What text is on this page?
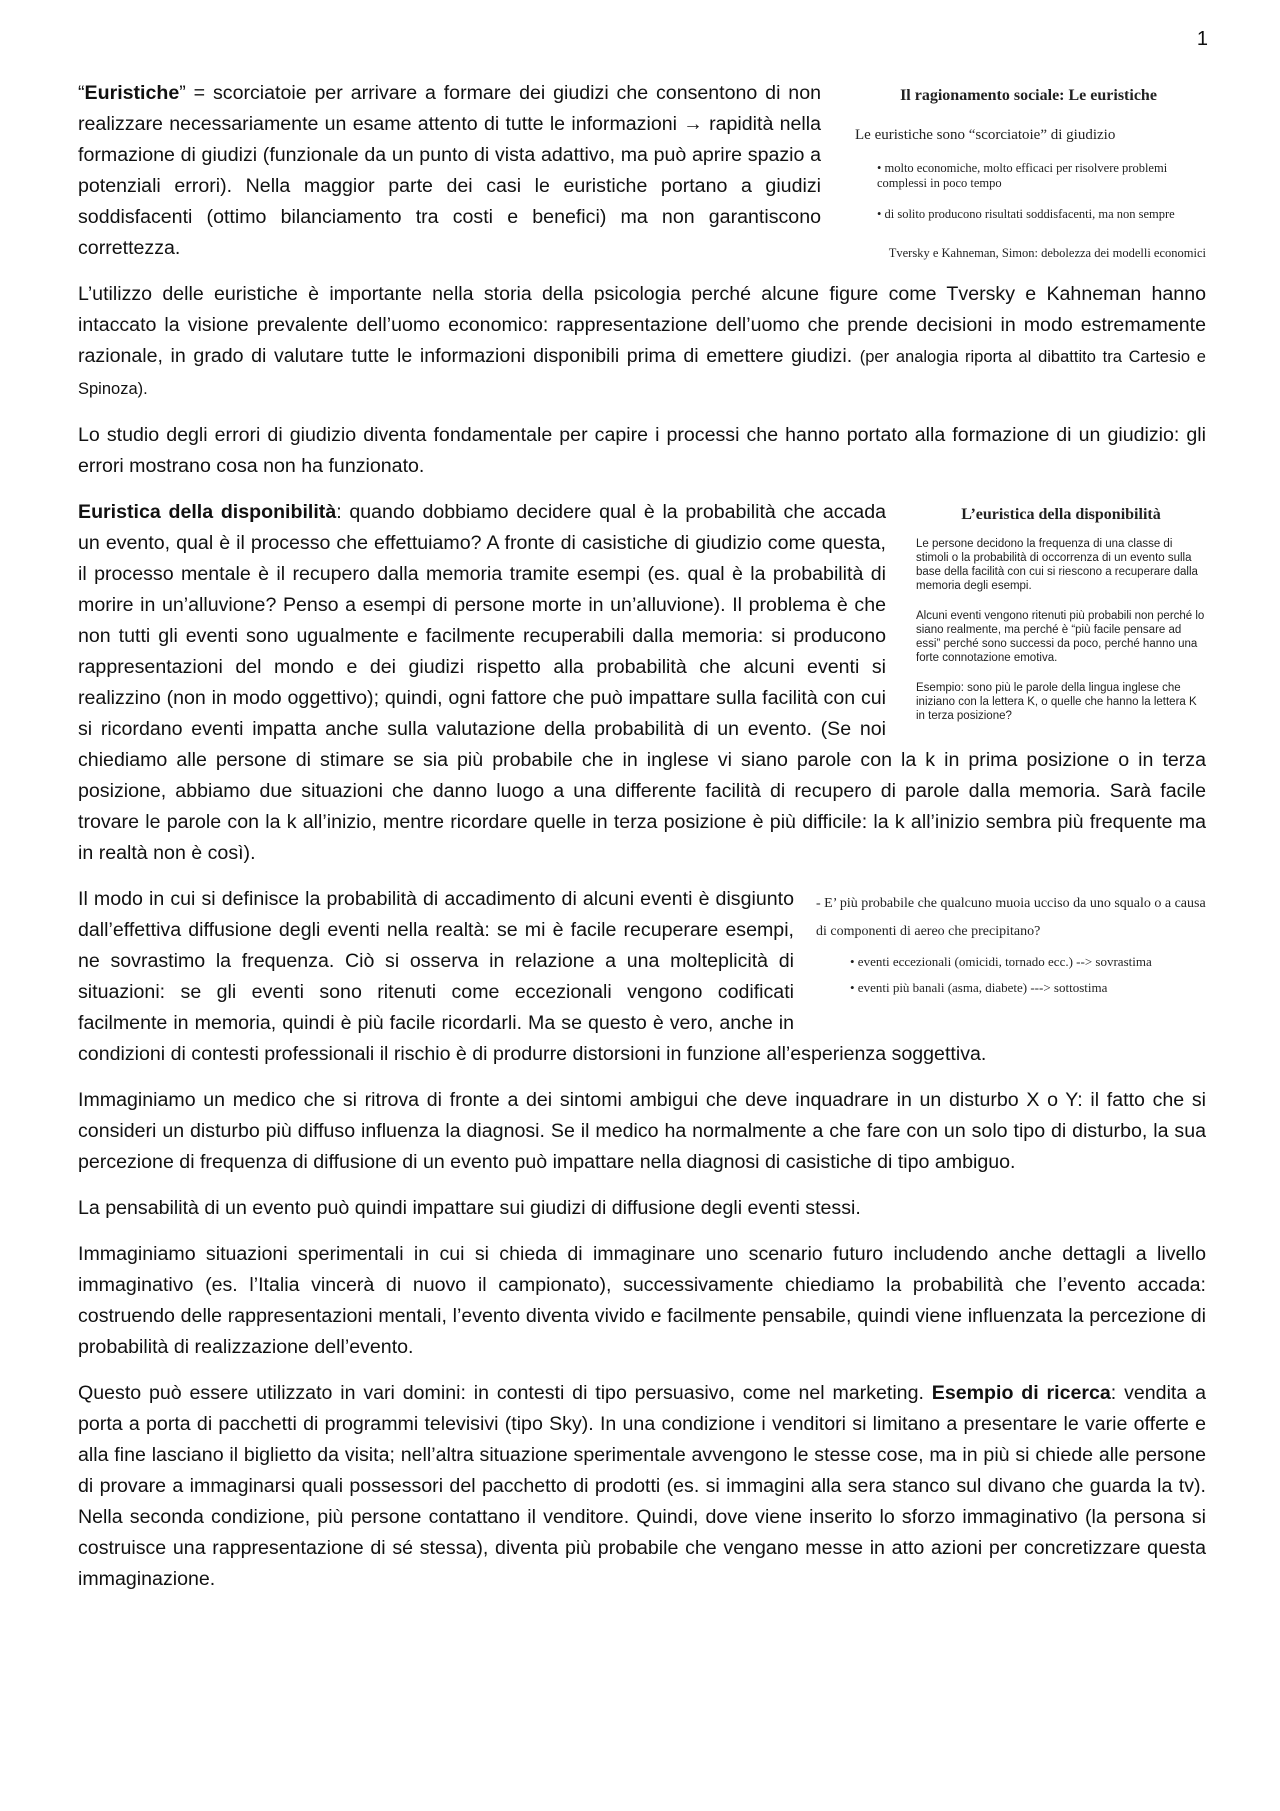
1
Il ragionamento sociale: Le euristiche
Le euristiche sono “scorciatoie” di giudizio
• molto economiche, molto efficaci per risolvere problemi complessi in poco tempo
• di solito producono risultati soddisfacenti, ma non sempre
Tversky e Kahneman, Simon: debolezza dei modelli economici

“Euristiche” = scorciatoie per arrivare a formare dei giudizi che consentono di non realizzare necessariamente un esame attento di tutte le informazioni → rapidità nella formazione di giudizi (funzionale da un punto di vista adattivo, ma può aprire spazio a potenziali errori). Nella maggior parte dei casi le euristiche portano a giudizi soddisfacenti (ottimo bilanciamento tra costi e benefici) ma non garantiscono correttezza.

L’utilizzo delle euristiche è importante nella storia della psicologia perché alcune figure come Tversky e Kahneman hanno intaccato la visione prevalente dell’uomo economico: rappresentazione dell’uomo che prende decisioni in modo estremamente razionale, in grado di valutare tutte le informazioni disponibili prima di emettere giudizi. (per analogia riporta al dibattito tra Cartesio e Spinoza).

Lo studio degli errori di giudizio diventa fondamentale per capire i processi che hanno portato alla formazione di un giudizio: gli errori mostrano cosa non ha funzionato.

L’euristica della disponibilità
Le persone decidono la frequenza di una classe di stimoli o la probabilità di occorrenza di un evento sulla base della facilità con cui si riescono a recuperare dalla memoria degli esempi.
Alcuni eventi vengono ritenuti più probabili non perché lo siano realmente, ma perché è “più facile pensare ad essi” perché sono successi da poco, perché hanno una forte connotazione emotiva.
Esempio: sono più le parole della lingua inglese che iniziano con la lettera K, o quelle che hanno la lettera K in terza posizione?

Euristica della disponibilità: quando dobbiamo decidere qual è la probabilità che accada un evento, qual è il processo che effettuiamo? A fronte di casistiche di giudizio come questa, il processo mentale è il recupero dalla memoria tramite esempi (es. qual è la probabilità di morire in un’alluvione? Penso a esempi di persone morte in un’alluvione). Il problema è che non tutti gli eventi sono ugualmente e facilmente recuperabili dalla memoria: si producono rappresentazioni del mondo e dei giudizi rispetto alla probabilità che alcuni eventi si realizzino (non in modo oggettivo); quindi, ogni fattore che può impattare sulla facilità con cui si ricordano eventi impatta anche sulla valutazione della probabilità di un evento. (Se noi chiediamo alle persone di stimare se sia più probabile che in inglese vi siano parole con la k in prima posizione o in terza posizione, abbiamo due situazioni che danno luogo a una differente facilità di recupero di parole dalla memoria. Sarà facile trovare le parole con la k all’inizio, mentre ricordare quelle in terza posizione è più difficile: la k all’inizio sembra più frequente ma in realtà non è così).

- E’ più probabile che qualcuno muoia ucciso da uno squalo o a causa di componenti di aereo che precipitano?
• eventi eccezionali (omicidi, tornado ecc.) --> sovrastima
• eventi più banali (asma, diabete) ---> sottostima

Il modo in cui si definisce la probabilità di accadimento di alcuni eventi è disgiunto dall’effettiva diffusione degli eventi nella realtà: se mi è facile recuperare esempi, ne sovrastimo la frequenza. Ciò si osserva in relazione a una molteplicità di situazioni: se gli eventi sono ritenuti come eccezionali vengono codificati facilmente in memoria, quindi è più facile ricordarli. Ma se questo è vero, anche in condizioni di contesti professionali il rischio è di produrre distorsioni in funzione all’esperienza soggettiva.

Immaginiamo un medico che si ritrova di fronte a dei sintomi ambigui che deve inquadrare in un disturbo X o Y: il fatto che si consideri un disturbo più diffuso influenza la diagnosi. Se il medico ha normalmente a che fare con un solo tipo di disturbo, la sua percezione di frequenza di diffusione di un evento può impattare nella diagnosi di casistiche di tipo ambiguo.

La pensabilità di un evento può quindi impattare sui giudizi di diffusione degli eventi stessi.

Immaginiamo situazioni sperimentali in cui si chieda di immaginare uno scenario futuro includendo anche dettagli a livello immaginativo (es. l’Italia vincerà di nuovo il campionato), successivamente chiediamo la probabilità che l’evento accada: costruendo delle rappresentazioni mentali, l’evento diventa vivido e facilmente pensabile, quindi viene influenzata la percezione di probabilità di realizzazione dell’evento.

Questo può essere utilizzato in vari domini: in contesti di tipo persuasivo, come nel marketing. Esempio di ricerca: vendita a porta a porta di pacchetti di programmi televisivi (tipo Sky). In una condizione i venditori si limitano a presentare le varie offerte e alla fine lasciano il biglietto da visita; nell’altra situazione sperimentale avvengono le stesse cose, ma in più si chiede alle persone di provare a immaginarsi quali possessori del pacchetto di prodotti (es. si immagini alla sera stanco sul divano che guarda la tv). Nella seconda condizione, più persone contattano il venditore. Quindi, dove viene inserito lo sforzo immaginativo (la persona si costruisce una rappresentazione di sé stessa), diventa più probabile che vengano messe in atto azioni per concretizzare questa immaginazione.
